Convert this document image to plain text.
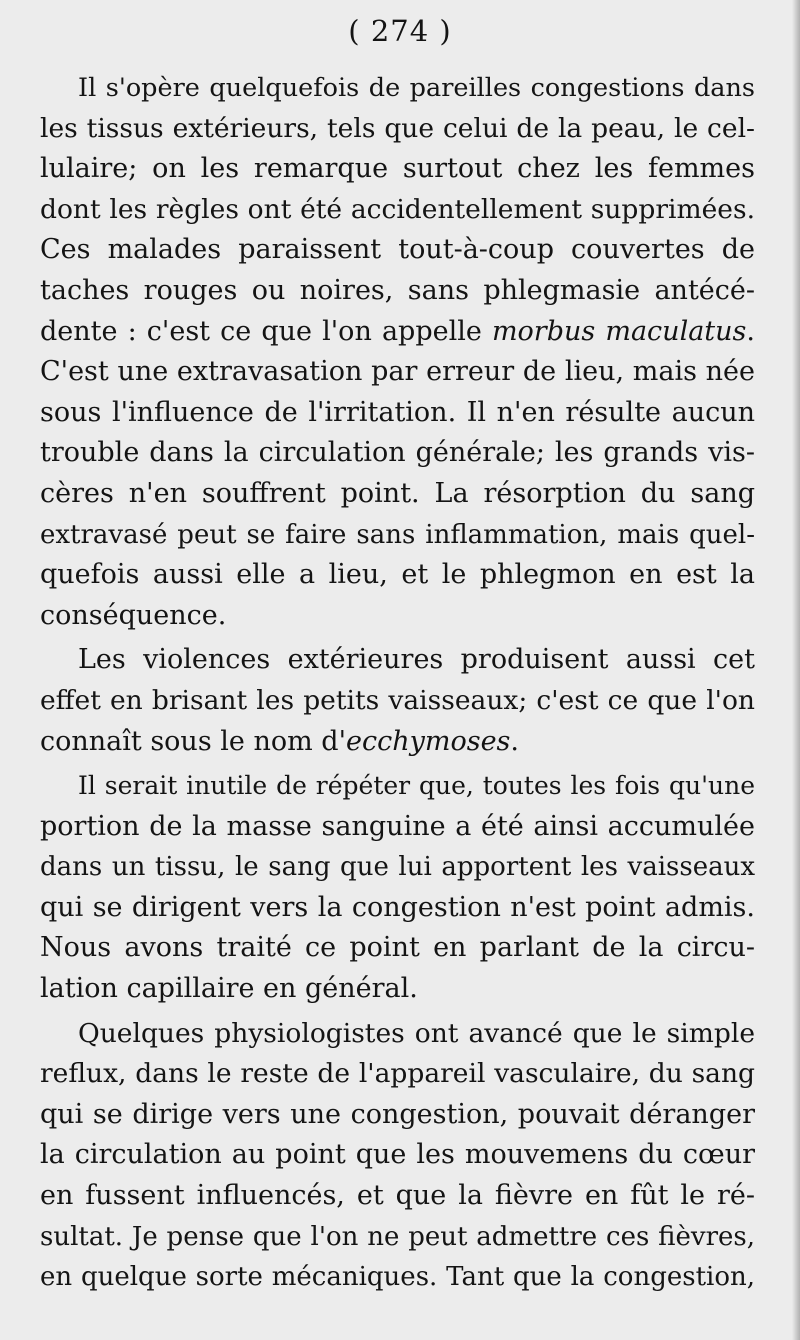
( 274 )
Il s'opère quelquefois de pareilles congestions dans
les tissus extérieurs, tels que celui de la peau, le cel-
lulaire; on les remarque surtout chez les femmes
dont les règles ont été accidentellement supprimées.
Ces malades paraissent tout-à-coup couvertes de
taches rouges ou noires, sans phlegmasie antécé-
dente : c'est ce que l'on appelle morbus maculatus.
C'est une extravasation par erreur de lieu, mais née
sous l'influence de l'irritation. Il n'en résulte aucun
trouble dans la circulation générale; les grands vis-
cères n'en souffrent point. La résorption du sang
extravasé peut se faire sans inflammation, mais quel-
quefois aussi elle a lieu, et le phlegmon en est la
conséquence.
Les violences extérieures produisent aussi cet
effet en brisant les petits vaisseaux; c'est ce que l'on
connaît sous le nom d'ecchymoses.
Il serait inutile de répéter que, toutes les fois qu'une
portion de la masse sanguine a été ainsi accumulée
dans un tissu, le sang que lui apportent les vaisseaux
qui se dirigent vers la congestion n'est point admis.
Nous avons traité ce point en parlant de la circu-
lation capillaire en général.
Quelques physiologistes ont avancé que le simple
reflux, dans le reste de l'appareil vasculaire, du sang
qui se dirige vers une congestion, pouvait déranger
la circulation au point que les mouvemens du cœur
en fussent influencés, et que la fièvre en fût le ré-
sultat. Je pense que l'on ne peut admettre ces fièvres,
en quelque sorte mécaniques. Tant que la congestion,
